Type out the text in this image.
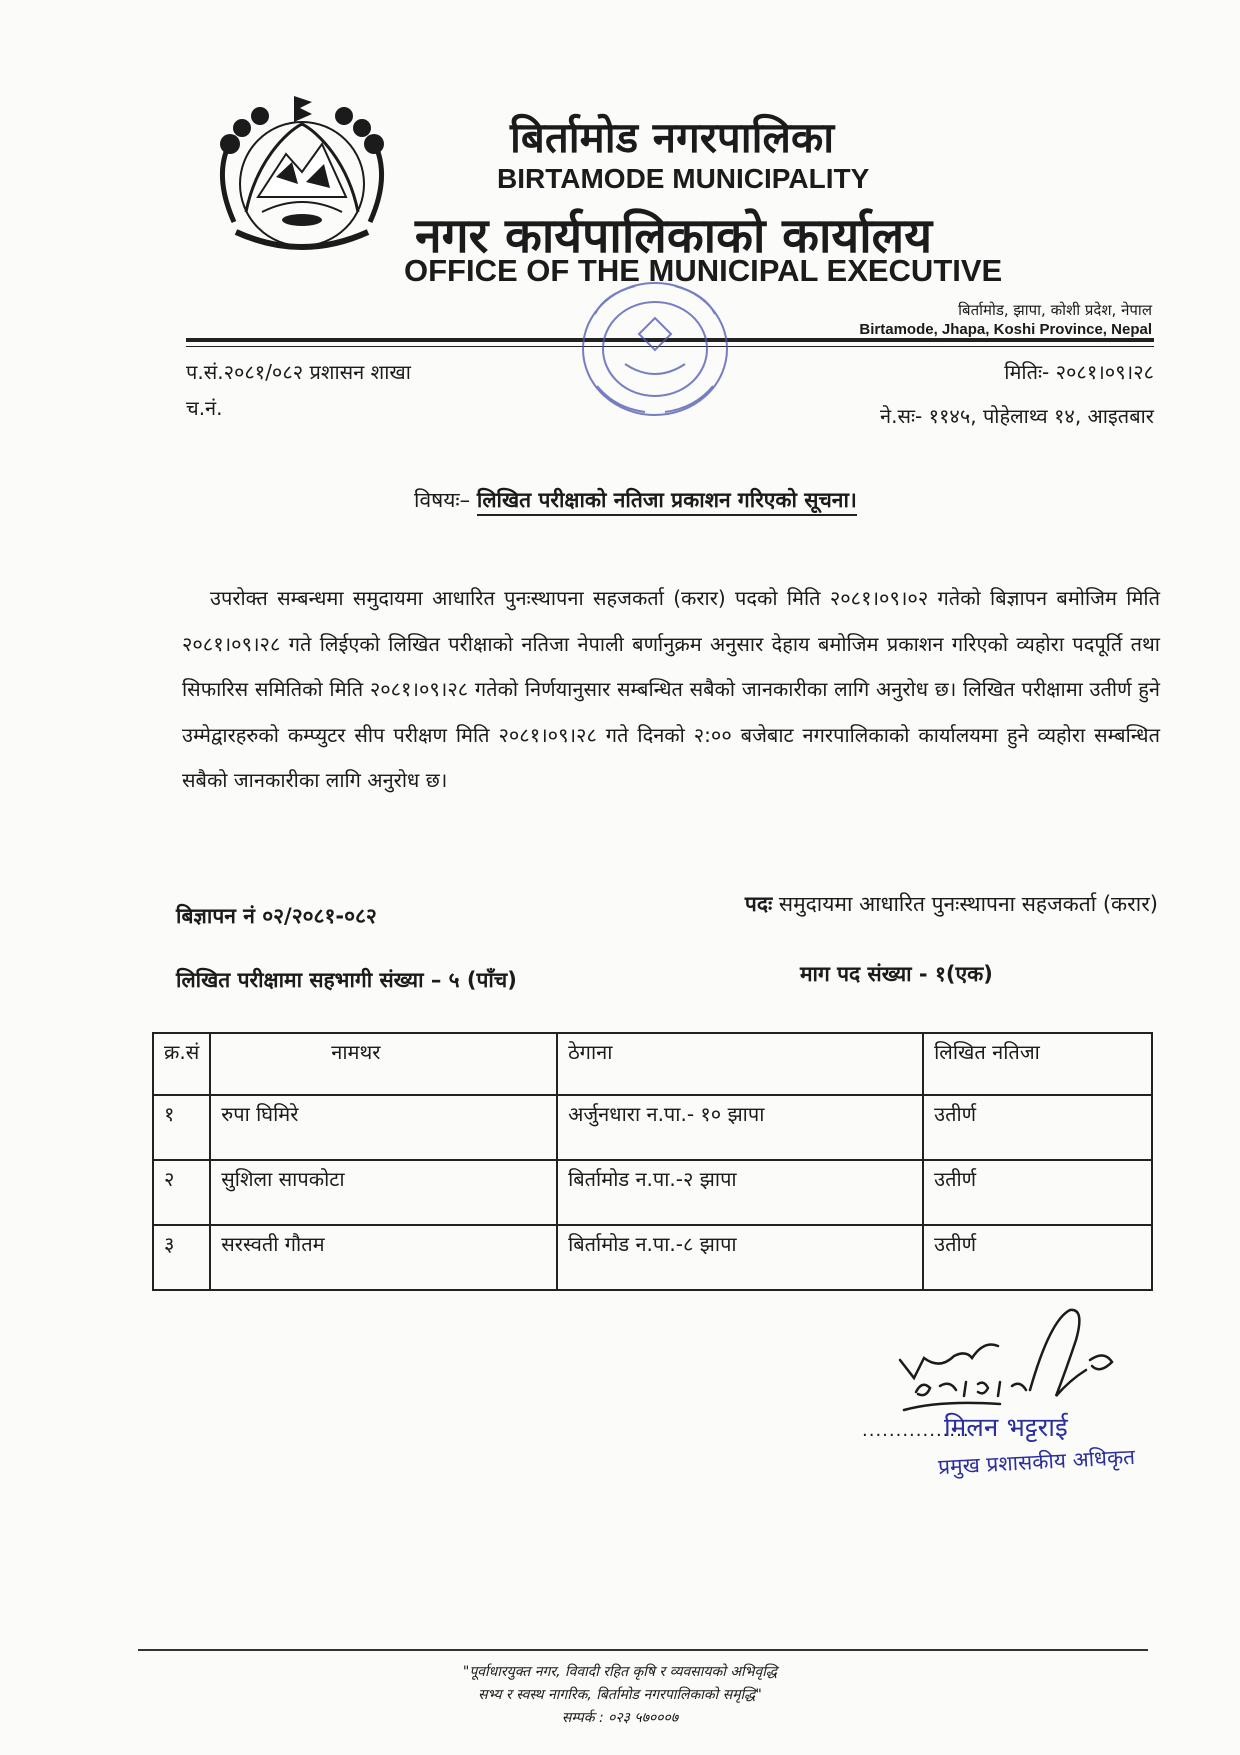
बिर्तामोड नगरपालिका
BIRTAMODE MUNICIPALITY
नगर कार्यपालिकाको कार्यालय
OFFICE OF THE MUNICIPAL EXECUTIVE
बिर्तामोड, झापा, कोशी प्रदेश, नेपाल
Birtamode, Jhapa, Koshi Province, Nepal
प.सं.२०८१/०८२ प्रशासन शाखा
च.नं.
मितिः- २०८१।०९।२८
ने.सः- ११४५, पोहेलाथ्व १४, आइतबार
विषयः– लिखित परीक्षाको नतिजा प्रकाशन गरिएको सूचना।
उपरोक्त सम्बन्धमा समुदायमा आधारित पुनःस्थापना सहजकर्ता (करार) पदको मिति २०८१।०९।०२ गतेको बिज्ञापन बमोजिम मिति २०८१।०९।२८ गते लिईएको लिखित परीक्षाको नतिजा नेपाली बर्णानुक्रम अनुसार देहाय बमोजिम प्रकाशन गरिएको व्यहोरा पदपूर्ति तथा सिफारिस समितिको मिति २०८१।०९।२८ गतेको निर्णयानुसार सम्बन्धित सबैको जानकारीका लागि अनुरोध छ। लिखित परीक्षामा उतीर्ण हुने उम्मेद्वारहरुको कम्प्युटर सीप परीक्षण मिति २०८१।०९।२८ गते दिनको २:०० बजेबाट नगरपालिकाको कार्यालयमा हुने व्यहोरा सम्बन्धित सबैको जानकारीका लागि अनुरोध छ।
बिज्ञापन नं ०२/२०८१-०८२	पदः समुदायमा आधारित पुनःस्थापना सहजकर्ता (करार)
लिखित परीक्षामा सहभागी संख्या – ५ (पाँच)	माग पद संख्या - १(एक)
क्र.सं	नामथर	ठेगाना	लिखित नतिजा
१	रुपा घिमिरे	अर्जुनधारा न.पा.- १० झापा	उतीर्ण
२	सुशिला सापकोटा	बिर्तामोड न.पा.-२ झापा	उतीर्ण
३	सरस्वती गौतम	बिर्तामोड न.पा.-८ झापा	उतीर्ण
................
मिलन भट्टराई
प्रमुख प्रशासकीय अधिकृत
"पूर्वाधारयुक्त नगर, विवादी रहित कृषि र व्यवसायको अभिवृद्धि
सभ्य र स्वस्थ नागरिक, बिर्तामोड नगरपालिकाको समृद्धि"
सम्पर्क : ०२३ ५७०००७
